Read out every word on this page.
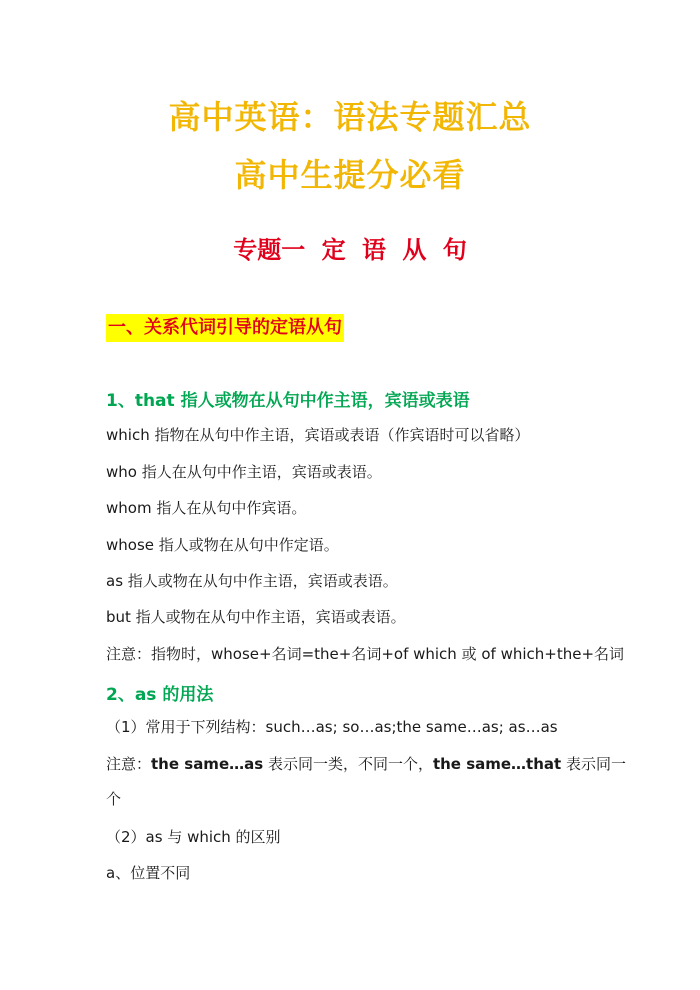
高中英语：语法专题汇总
高中生提分必看
专题一 定 语 从 句
一、关系代词引导的定语从句
1、that 指人或物在从句中作主语，宾语或表语
which 指物在从句中作主语，宾语或表语（作宾语时可以省略）
who 指人在从句中作主语，宾语或表语。
whom 指人在从句中作宾语。
whose 指人或物在从句中作定语。
as 指人或物在从句中作主语，宾语或表语。
but 指人或物在从句中作主语，宾语或表语。
注意：指物时，whose+名词=the+名词+of which 或 of which+the+名词
2、as 的用法
（1）常用于下列结构：such…as; so…as;the same…as; as…as
注意：the same…as 表示同一类，不同一个，the same…that 表示同一
个
（2）as 与 which 的区别
a、位置不同
